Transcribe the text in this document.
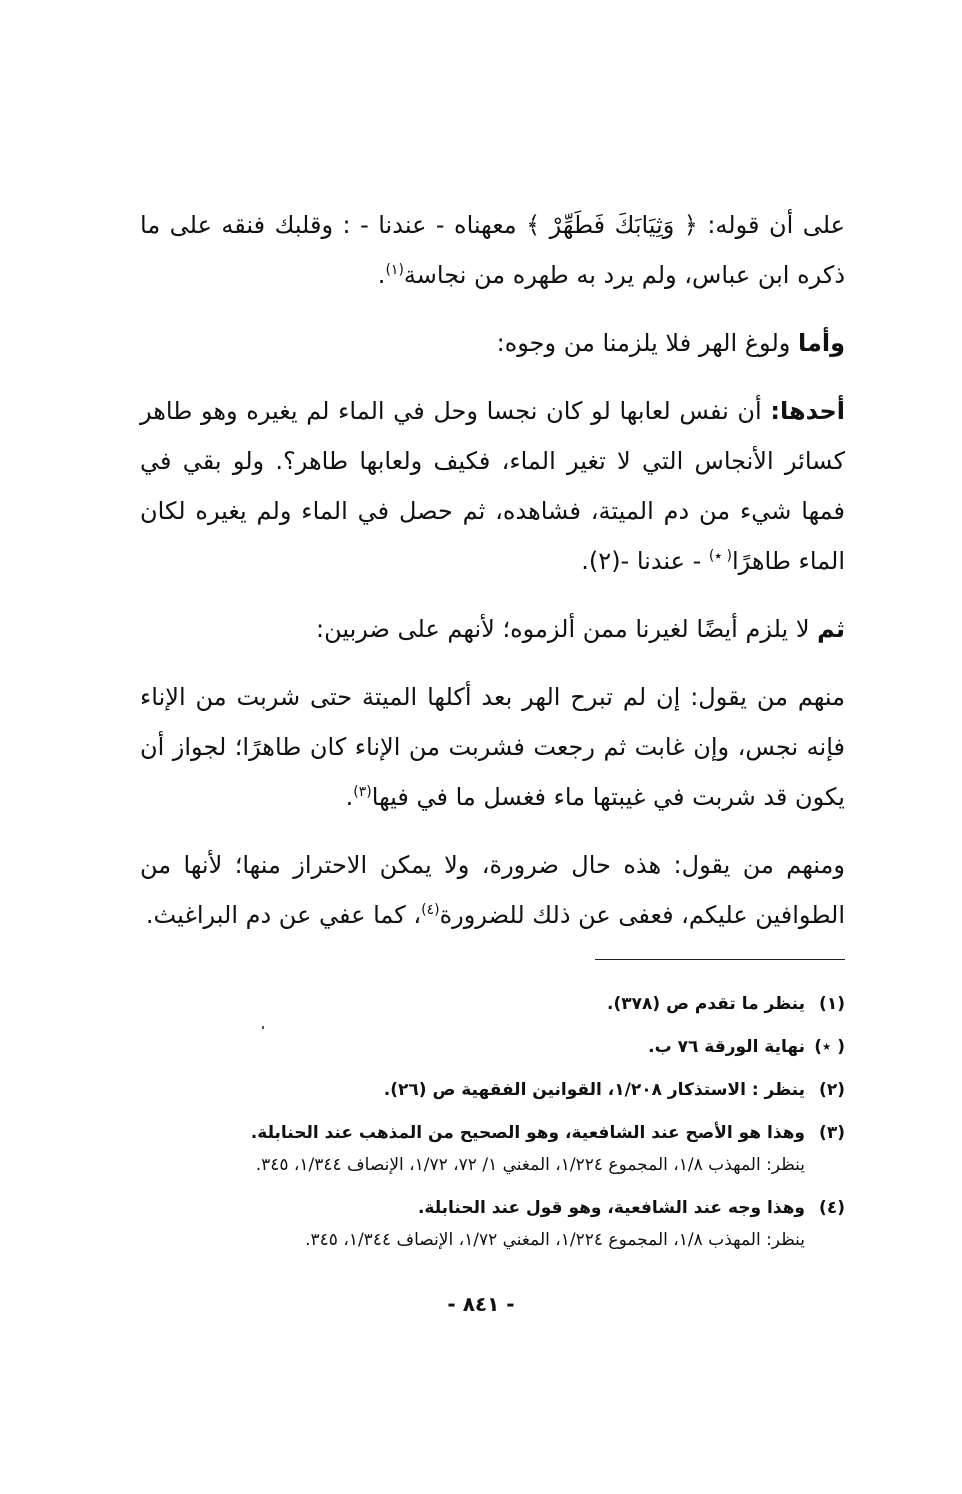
على أن قوله: ﴿ وَثِيَابَكَ فَطَهِّرْ ﴾ معهناه - عندنا - : وقلبك فنقه على ما ذكره ابن عباس، ولم يرد به طهره من نجاسة$^{(١)}$.

وأما ولوغ الهر فلا يلزمنا من وجوه:

أحدها: أن نفس لعابها لو كان نجسا وحل في الماء لم يغيره وهو طاهر كسائر الأنجاس التي لا تغير الماء، فكيف ولعابها طاهر؟. ولو بقي في فمها شيء من دم الميتة، فشاهده، ثم حصل في الماء ولم يغيره لكان الماء طاهرًا( ٭) - عندنا -(٢).

ثم لا يلزم أيضًا لغيرنا ممن ألزموه؛ لأنهم على ضربين:

منهم من يقول: إن لم تبرح الهر بعد أكلها الميتة حتى شربت من الإناء فإنه نجس، وإن غابت ثم رجعت فشربت من الإناء كان طاهرًا؛ لجواز أن يكون قد شربت في غيبتها ماء فغسل ما في فيها$^{(٣)}$.

ومنهم من يقول: هذه حال ضرورة، ولا يمكن الاحتراز منها؛ لأنها من الطوافين عليكم، فعفى عن ذلك للضرورة$^{(٤)}$، كما عفي عن دم البراغيث.

(١)
ينظر ما تقدم ص (٣٧٨).
( ٭)
نهاية الورقة ٧٦ ب.
(٢)
ينظر : الاستذكار ١/٢٠٨، القوانين الفقهية ص (٢٦).
(٣)
وهذا هو الأصح عند الشافعية، وهو الصحيح من المذهب عند الحنابلة.
ينظر: المهذب ١/٨، المجموع ١/٢٢٤، المغني ١/ ٧٢، ١/٧٢، الإنصاف ١/٣٤٤، ٣٤٥.
(٤)
وهذا وجه عند الشافعية، وهو قول عند الحنابلة.
ينظر: المهذب ١/٨، المجموع ١/٢٢٤، المغني ١/٧٢، الإنصاف ١/٣٤٤، ٣٤٥.
- ٨٤١ -
